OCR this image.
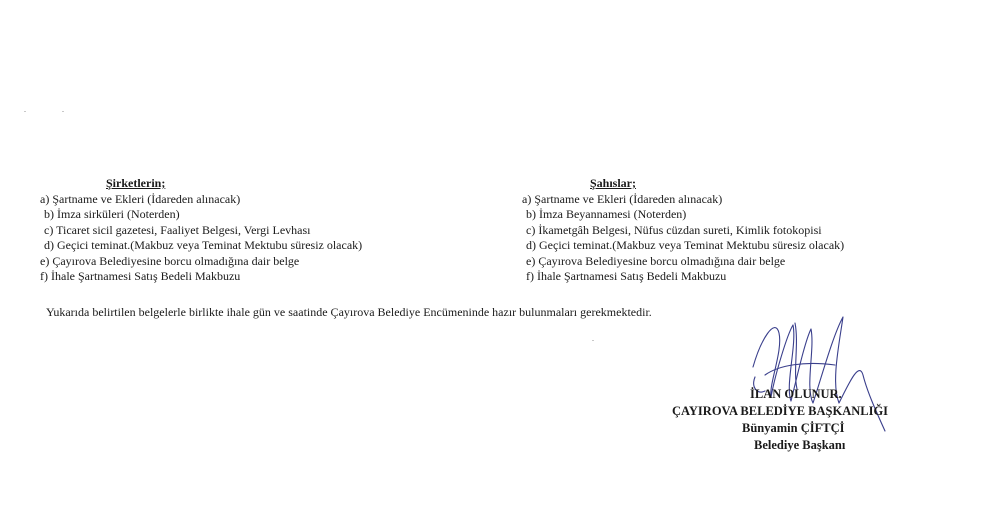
Şirketlerin;
a) Şartname ve Ekleri (İdareden alınacak)
b) İmza sirküleri (Noterden)
c) Ticaret sicil gazetesi, Faaliyet Belgesi, Vergi Levhası
d) Geçici teminat.(Makbuz veya Teminat Mektubu süresiz olacak)
e) Çayırova Belediyesine borcu olmadığına dair belge
f) İhale Şartnamesi Satış Bedeli Makbuzu
Şahıslar;
a) Şartname ve Ekleri (İdareden alınacak)
b) İmza Beyannamesi (Noterden)
c) İkametgâh Belgesi, Nüfus cüzdan sureti, Kimlik fotokopisi
d) Geçici teminat.(Makbuz veya Teminat Mektubu süresiz olacak)
e) Çayırova Belediyesine borcu olmadığına dair belge
f) İhale Şartnamesi Satış Bedeli Makbuzu
Yukarıda belirtilen belgelerle birlikte ihale gün ve saatinde Çayırova Belediye Encümeninde hazır bulunmaları gerekmektedir.
İLAN OLUNUR.
ÇAYIROVA BELEDİYE BAŞKANLIĞI
Bünyamin ÇİFTÇİ
Belediye Başkanı
